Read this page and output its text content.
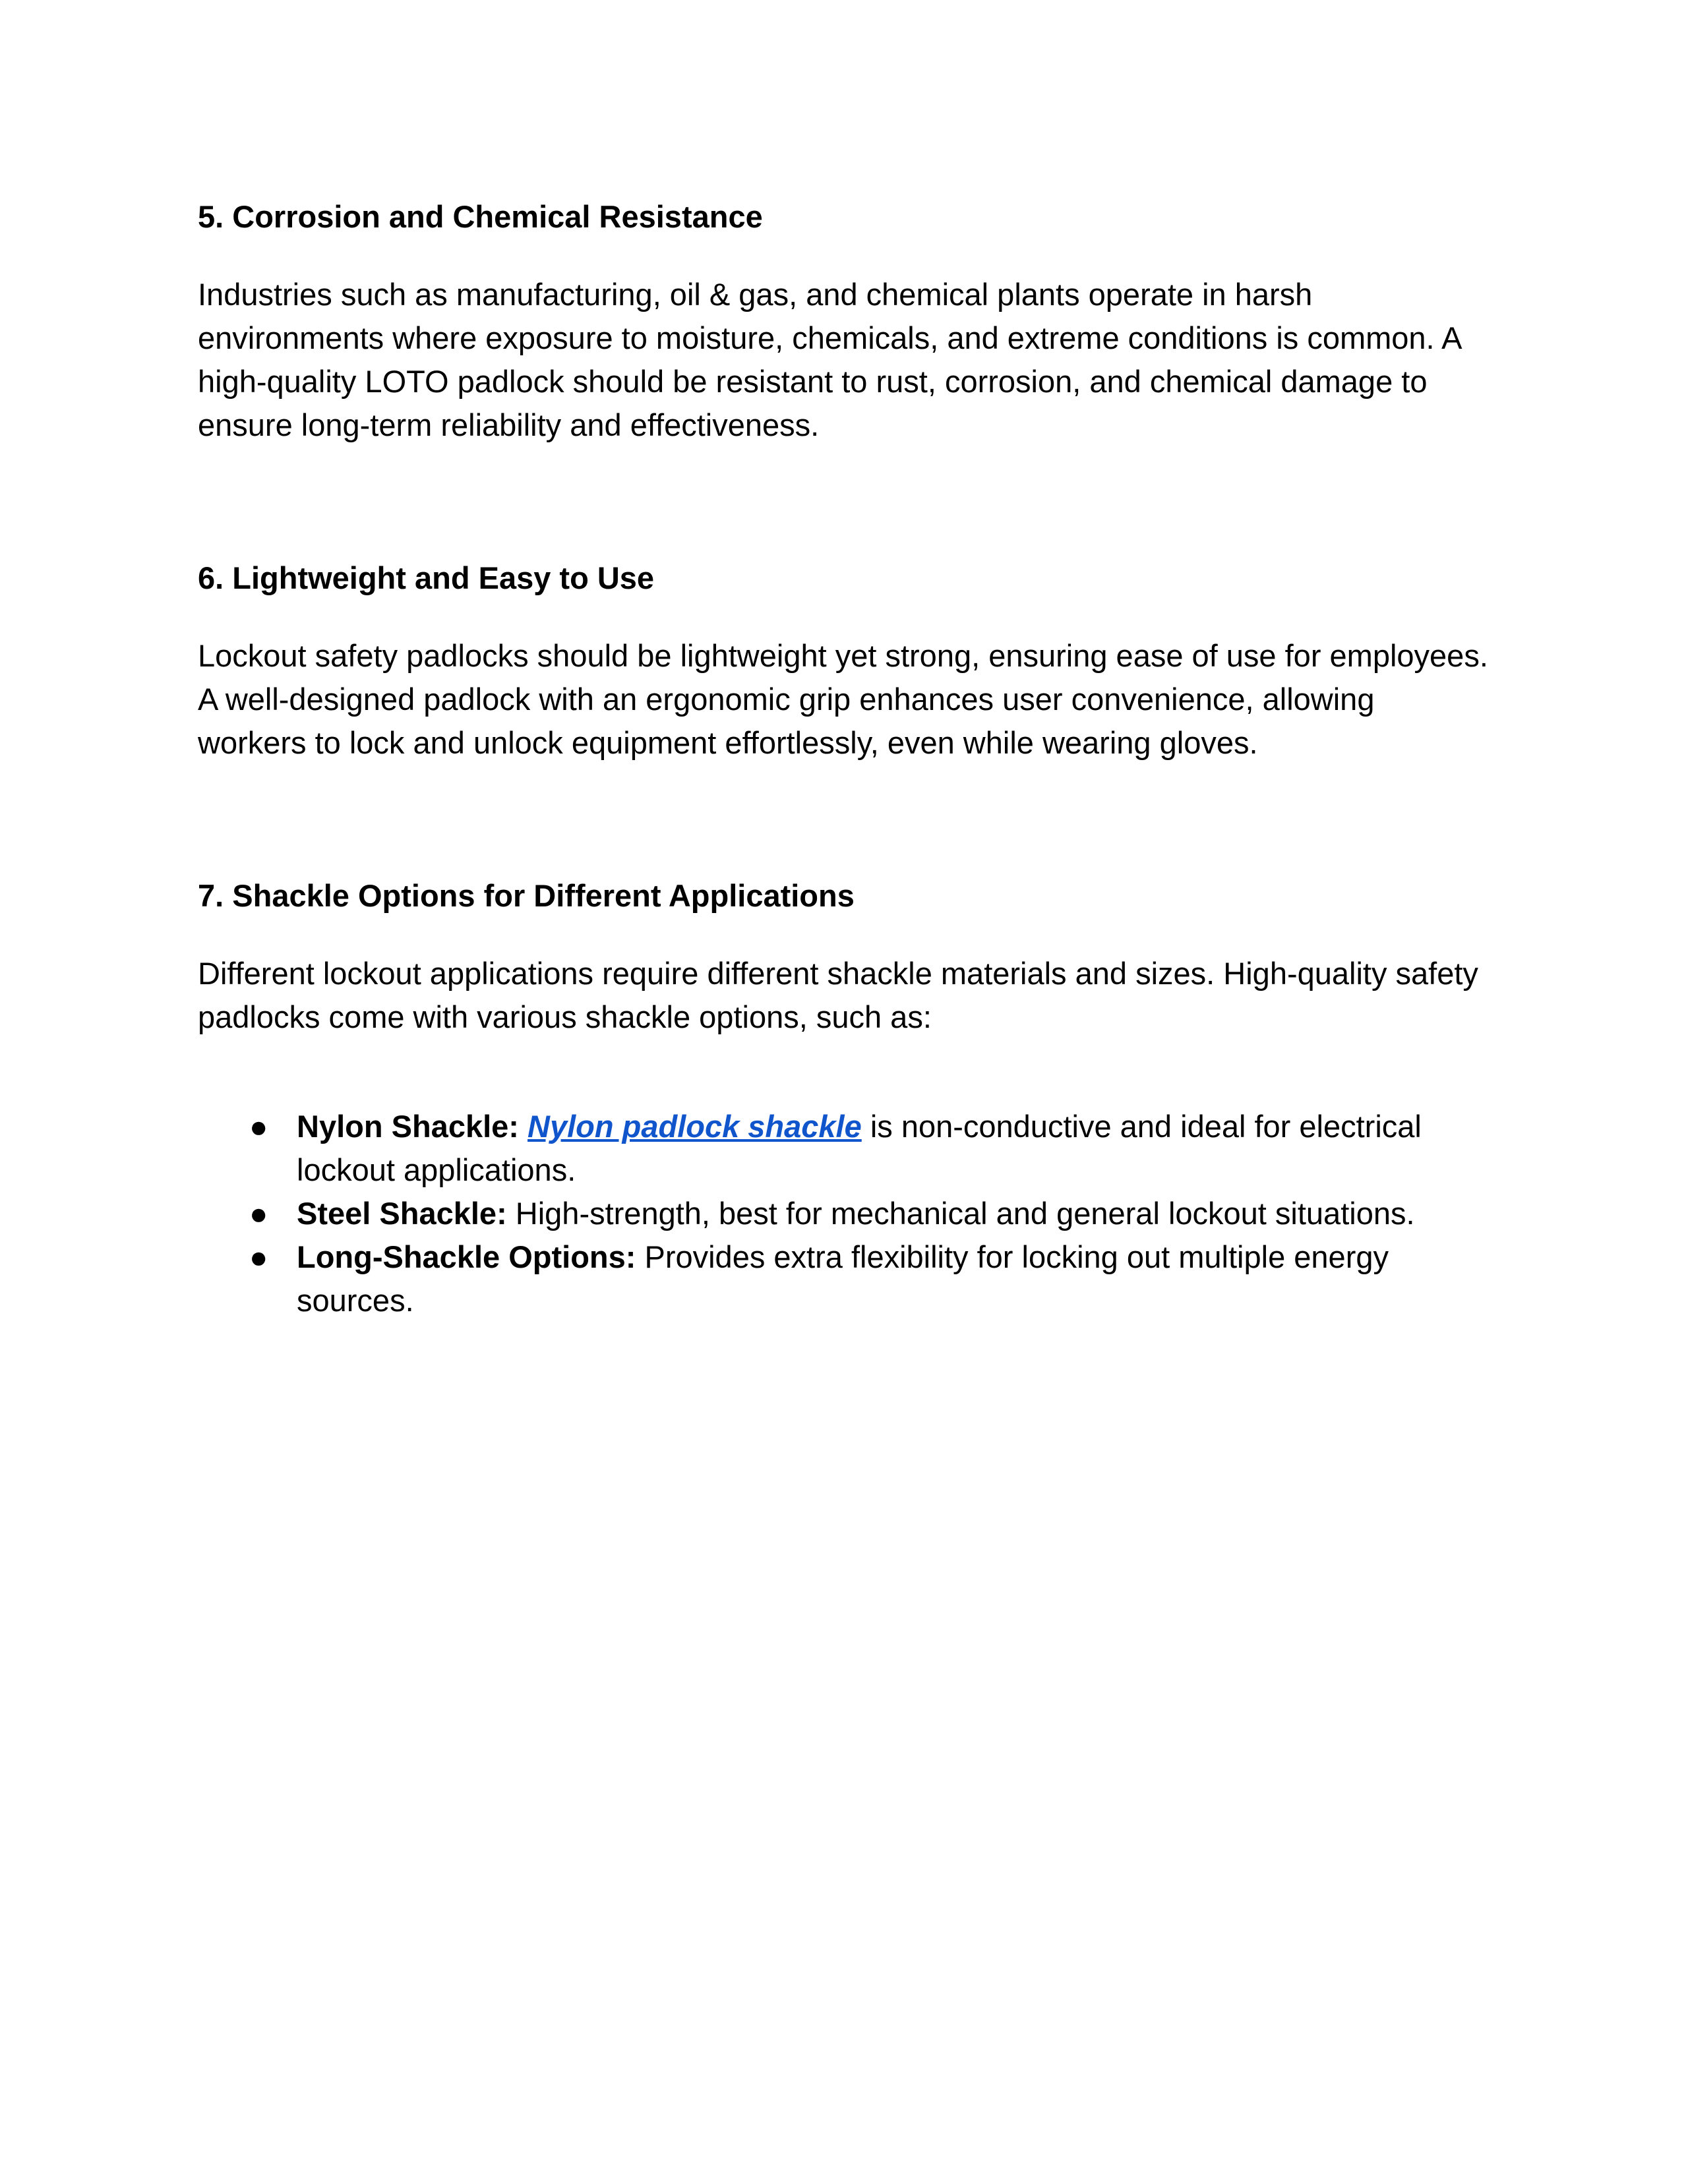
5. Corrosion and Chemical Resistance

Industries such as manufacturing, oil & gas, and chemical plants operate in harsh environments where exposure to moisture, chemicals, and extreme conditions is common. A high-quality LOTO padlock should be resistant to rust, corrosion, and chemical damage to ensure long-term reliability and effectiveness.

6. Lightweight and Easy to Use

Lockout safety padlocks should be lightweight yet strong, ensuring ease of use for employees. A well-designed padlock with an ergonomic grip enhances user convenience, allowing workers to lock and unlock equipment effortlessly, even while wearing gloves.

7. Shackle Options for Different Applications

Different lockout applications require different shackle materials and sizes. High-quality safety padlocks come with various shackle options, such as:

● Nylon Shackle: Nylon padlock shackle is non-conductive and ideal for electrical lockout applications.
● Steel Shackle: High-strength, best for mechanical and general lockout situations.
● Long-Shackle Options: Provides extra flexibility for locking out multiple energy sources.
